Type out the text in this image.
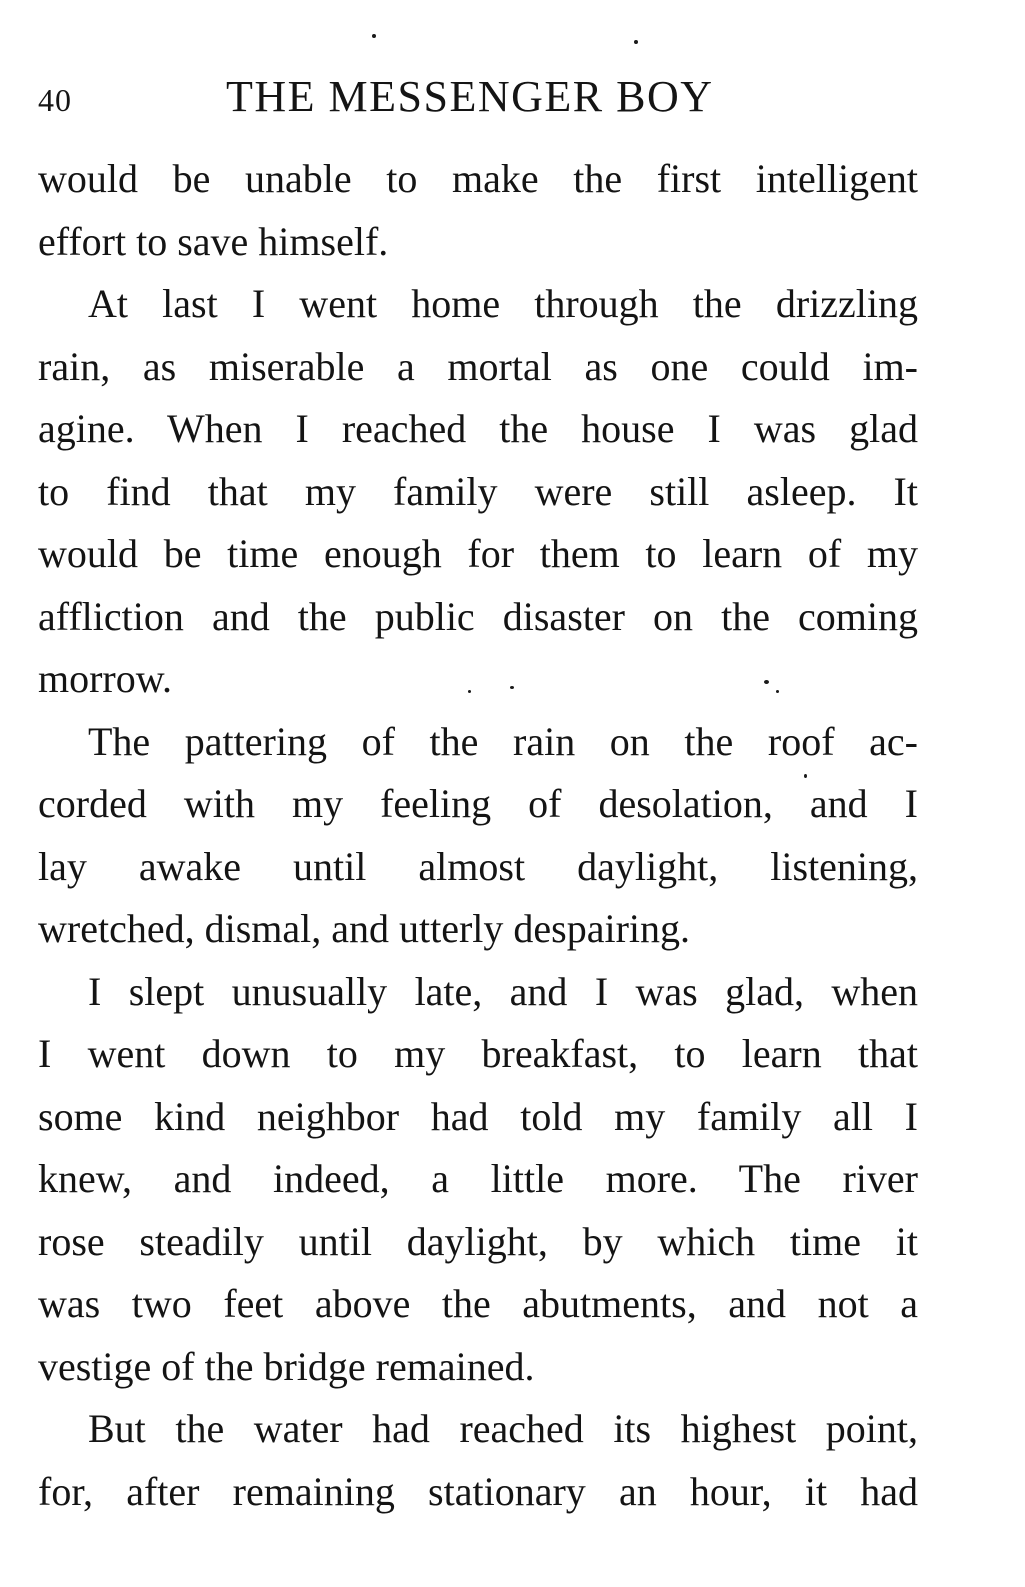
40	THE MESSENGER BOY
would be unable to make the first intelligent
effort to save himself.
At last I went home through the drizzling
rain, as miserable a mortal as one could im-
agine. When I reached the house I was glad
to find that my family were still asleep. It
would be time enough for them to learn of my
affliction and the public disaster on the coming
morrow.
The pattering of the rain on the roof ac-
corded with my feeling of desolation, and I
lay awake until almost daylight, listening,
wretched, dismal, and utterly despairing.
I slept unusually late, and I was glad, when
I went down to my breakfast, to learn that
some kind neighbor had told my family all I
knew, and indeed, a little more. The river
rose steadily until daylight, by which time it
was two feet above the abutments, and not a
vestige of the bridge remained.
But the water had reached its highest point,
for, after remaining stationary an hour, it had
